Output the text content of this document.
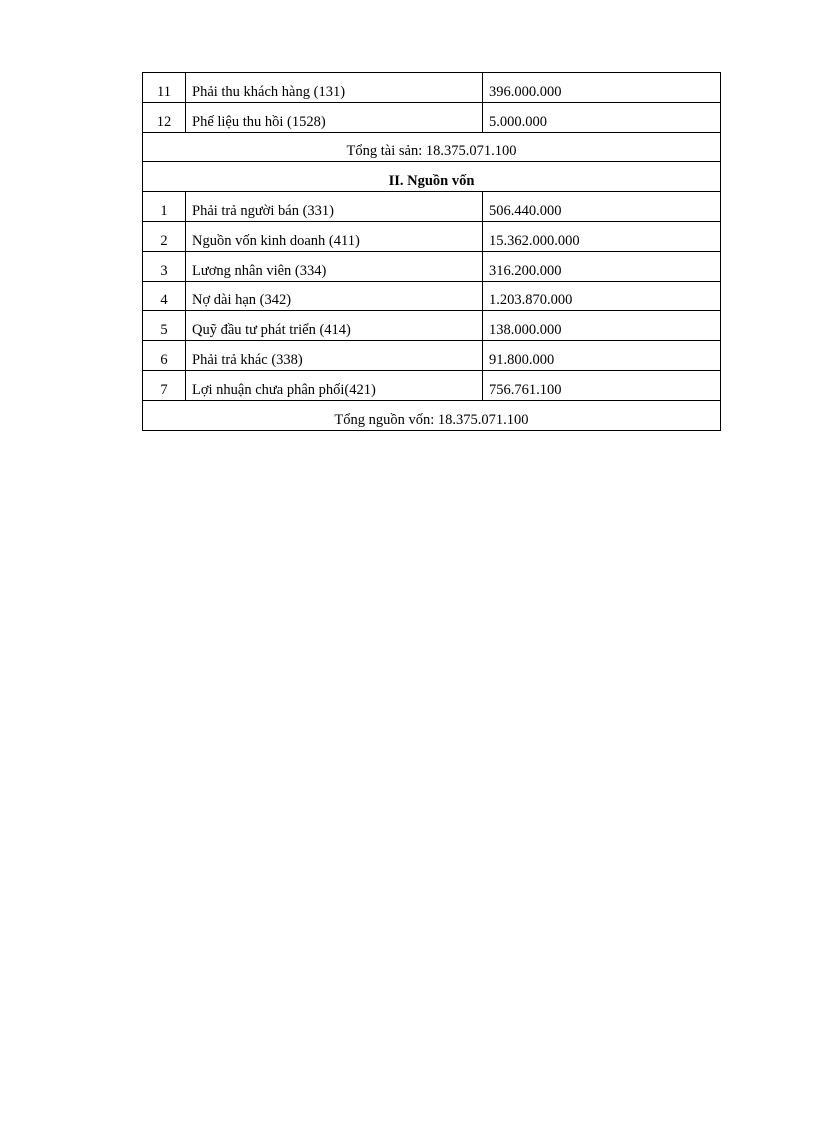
11	Phải thu khách hàng (131)	396.000.000
12	Phế liệu thu hồi (1528)	5.000.000
Tổng tài sản: 18.375.071.100		
II. Nguồn vốn		
1	Phải trả người bán (331)	506.440.000
2	Nguồn vốn kinh doanh (411)	15.362.000.000
3	Lương nhân viên (334)	316.200.000
4	Nợ dài hạn (342)	1.203.870.000
5	Quỹ đầu tư phát triển (414)	138.000.000
6	Phải trả khác (338)	91.800.000
7	Lợi nhuận chưa phân phối(421)	756.761.100
Tổng nguồn vốn: 18.375.071.100		
